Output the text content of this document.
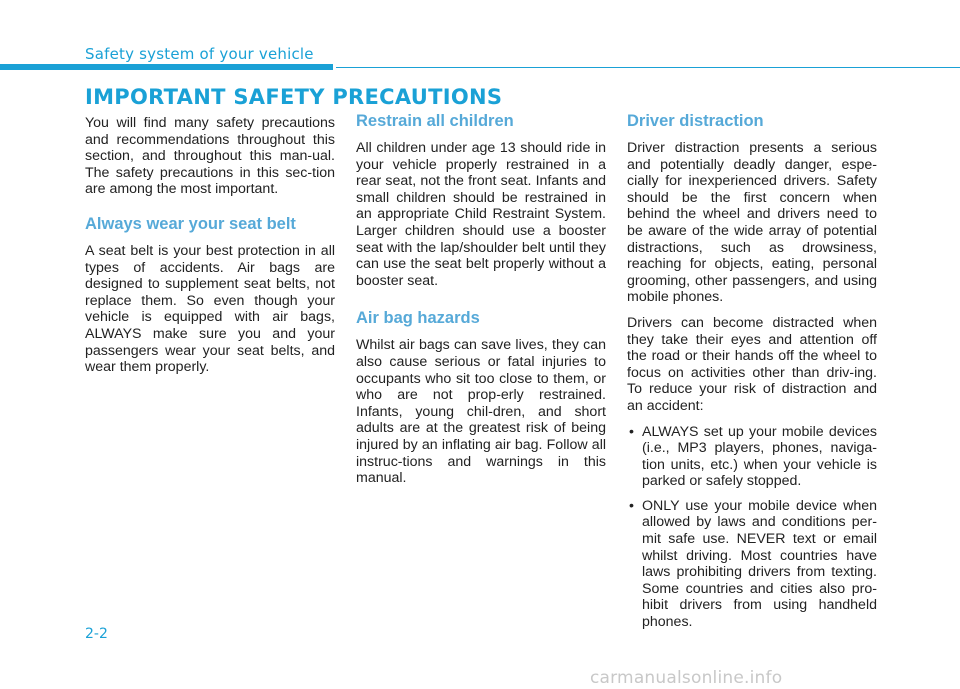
Safety system of your vehicle
IMPORTANT SAFETY PRECAUTIONS

You will find many safety precautions and recommendations throughout this section, and throughout this man-ual. The safety precautions in this sec-tion are among the most important.

Always wear your seat belt

A seat belt is your best protection in all types of accidents. Air bags are designed to supplement seat belts, not replace them. So even though your vehicle is equipped with air bags, ALWAYS make sure you and your passengers wear your seat belts, and wear them properly.

Restrain all children

All children under age 13 should ride in your vehicle properly restrained in a rear seat, not the front seat. Infants and small children should be restrained in an appropriate Child Restraint System. Larger children should use a booster seat with the lap/shoulder belt until they can use the seat belt properly without a booster seat.

Air bag hazards

Whilst air bags can save lives, they can also cause serious or fatal injuries to occupants who sit too close to them, or who are not prop-erly restrained. Infants, young chil-dren, and short adults are at the greatest risk of being injured by an inflating air bag. Follow all instruc-tions and warnings in this manual.

Driver distraction

Driver distraction presents a serious and potentially deadly danger, espe-cially for inexperienced drivers. Safety should be the first concern when behind the wheel and drivers need to be aware of the wide array of potential distractions, such as drowsiness, reaching for objects, eating, personal grooming, other passengers, and using mobile phones.

Drivers can become distracted when they take their eyes and attention off the road or their hands off the wheel to focus on activities other than driv-ing. To reduce your risk of distraction and an accident:

• ALWAYS set up your mobile devices (i.e., MP3 players, phones, naviga-tion units, etc.) when your vehicle is parked or safely stopped.
• ONLY use your mobile device when allowed by laws and conditions per-mit safe use. NEVER text or email whilst driving. Most countries have laws prohibiting drivers from texting. Some countries and cities also pro-hibit drivers from using handheld phones.
2-2
carmanualsonline.info
